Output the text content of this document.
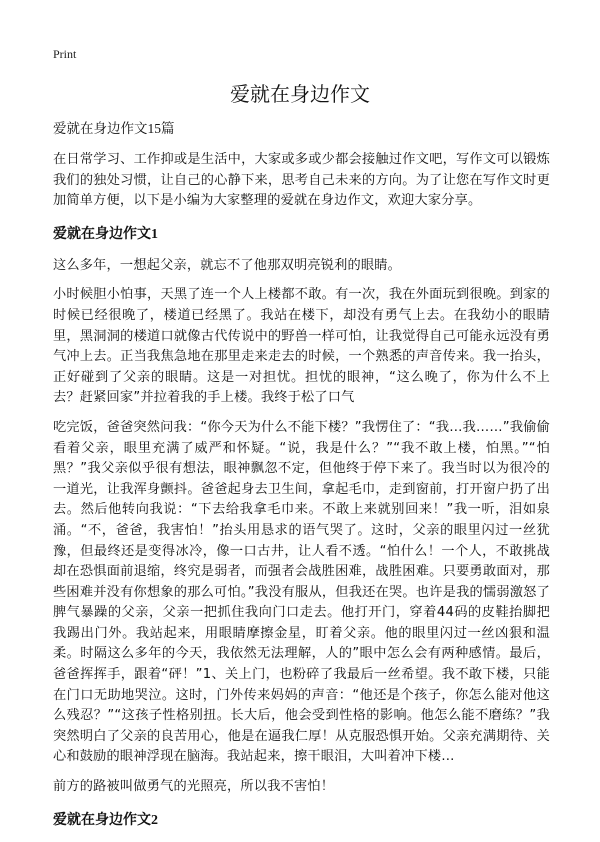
Print
爱就在身边作文

爱就在身边作文15篇

在日常学习、工作抑或是生活中，大家或多或少都会接触过作文吧，写作文可以锻炼我们的独处习惯，让自己的心静下来，思考自己未来的方向。为了让您在写作文时更加简单方便，以下是小编为大家整理的爱就在身边作文，欢迎大家分享。

爱就在身边作文1

这么多年，一想起父亲，就忘不了他那双明亮锐利的眼睛。

小时候胆小怕事，天黑了连一个人上楼都不敢。有一次，我在外面玩到很晚。到家的时候已经很晚了，楼道已经黑了。我站在楼下，却没有勇气上去。在我幼小的眼睛里，黑洞洞的楼道口就像古代传说中的野兽一样可怕，让我觉得自己可能永远没有勇气冲上去。正当我焦急地在那里走来走去的时候，一个熟悉的声音传来。我一抬头，正好碰到了父亲的眼睛。这是一对担忧。担忧的眼神，“这么晚了，你为什么不上去？赶紧回家”并拉着我的手上楼。我终于松了口气

吃完饭，爸爸突然问我：“你今天为什么不能下楼？”我愣住了：“我…我……”我偷偷看着父亲，眼里充满了威严和怀疑。“说，我是什么？”“我不敢上楼，怕黑。”“怕黑？”我父亲似乎很有想法，眼神飘忽不定，但他终于停下来了。我当时以为很冷的一道光，让我浑身颤抖。爸爸起身去卫生间，拿起毛巾，走到窗前，打开窗户扔了出去。然后他转向我说：“下去给我拿毛巾来。不敢上来就别回来！”我一听，泪如泉涌。“不，爸爸，我害怕！”抬头用恳求的语气哭了。这时，父亲的眼里闪过一丝犹豫，但最终还是变得冰冷，像一口古井，让人看不透。“怕什么！一个人，不敢挑战却在恐惧面前退缩，终究是弱者，而强者会战胜困难，战胜困难。只要勇敢面对，那些困难并没有你想象的那么可怕。”我没有服从，但我还在哭。也许是我的懦弱激怒了脾气暴躁的父亲，父亲一把抓住我向门口走去。他打开门，穿着44码的皮鞋抬脚把我踢出门外。我站起来，用眼睛摩擦金星，盯着父亲。他的眼里闪过一丝凶狠和温柔。时隔这么多年的今天，我依然无法理解，人的”眼中怎么会有两种感情。最后，爸爸挥挥手，跟着“砰！”1、关上门，也粉碎了我最后一丝希望。我不敢下楼，只能在门口无助地哭泣。这时，门外传来妈妈的声音：“他还是个孩子，你怎么能对他这么残忍？”“这孩子性格别扭。长大后，他会受到性格的影响。他怎么能不磨练？”我突然明白了父亲的良苦用心，他是在逼我仁厚！从克服恐惧开始。父亲充满期待、关心和鼓励的眼神浮现在脑海。我站起来，擦干眼泪，大叫着冲下楼…

前方的路被叫做勇气的光照亮，所以我不害怕！

爱就在身边作文2
